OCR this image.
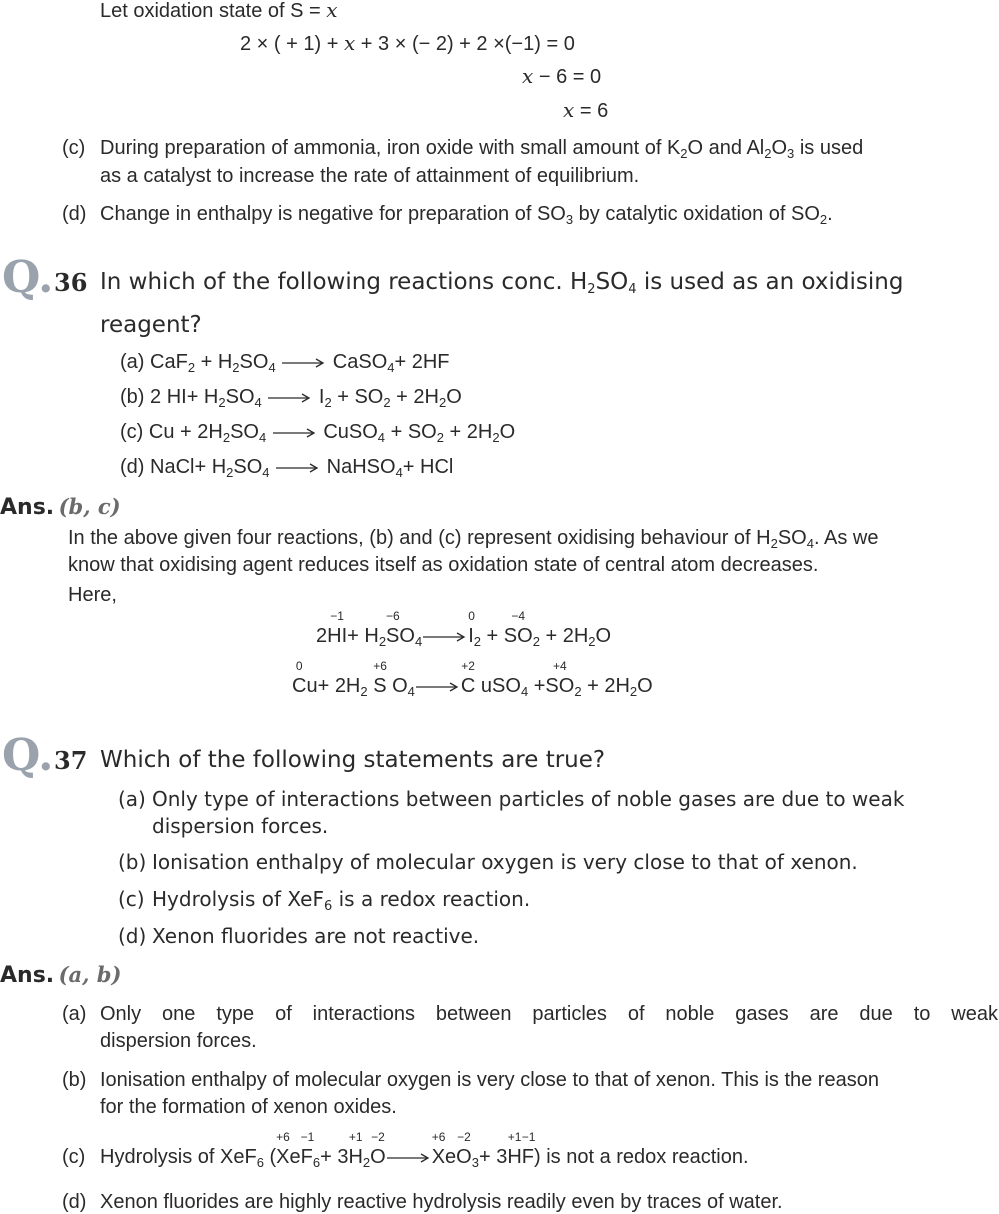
Let oxidation state of S = x
2 × ( + 1) + x + 3 × (− 2) + 2 ×(−1) = 0
x − 6 = 0
x = 6
(c) During preparation of ammonia, iron oxide with small amount of $K_2O$ and $Al_2O_3$ is used
as a catalyst to increase the rate of attainment of equilibrium.
(d) Change in enthalpy is negative for preparation of $SO_3$ by catalytic oxidation of $SO_2$.
Q. 36 In which of the following reactions conc. $H_2SO_4$ is used as an oxidising
reagent?
(a) $CaF_2 + H_2SO_4$ → CaSO$_4$+ 2HF
(b) 2 $HI+ H_2SO_4 \to I_2 + SO_2 + 2H_2O$
(c) $Cu + 2H_2SO_4$ → CuSO$_4$ + $SO_2 + 2H_2O$
(d) NaCl+ $H_2SO_4$ → NaHSO$_4$+ HCl
Ans. (b, c)
In the above given four reactions, (b) and (c) represent oxidising behaviour of $H_2SO_4$. As we
know that oxidising agent reduces itself as oxidation state of central atom decreases.
Here,
2
−1
$HI+ H_2$
−6
$SO_4\to$
0
$I_2$ +
−4
$SO_2 + 2H_2O$
0
$Cu+ 2H_2$
+6
S $O_4\to$
+2
C uSO$_4$ +
+4
$SO_2 + 2H_2O$
Q. 37 Which of the following statements are true?
(a) Only type of interactions between particles of noble gases are due to weak
dispersion forces.
(b) Ionisation enthalpy of molecular oxygen is very close to that of xenon.
(c) Hydrolysis of XeF$_6$ is a redox reaction.
(d) Xenon fluorides are not reactive.
Ans. (a, b)
(a) Only one type of interactions between particles of noble gases are due to weak
dispersion forces.
(b) Ionisation enthalpy of molecular oxygen is very close to that of xenon. This is the reason
for the formation of xenon oxides.
(c) Hydrolysis of XeF$_6$ (
+6
Xe
−1
$F_6+ 3$
+1
$H_2$
−2
O→
+6
Xe
−2
$O_3+ 3$
+1
H
−1
F) is not a redox reaction.
(d) Xenon fluorides are highly reactive hydrolysis readily even by traces of water.
